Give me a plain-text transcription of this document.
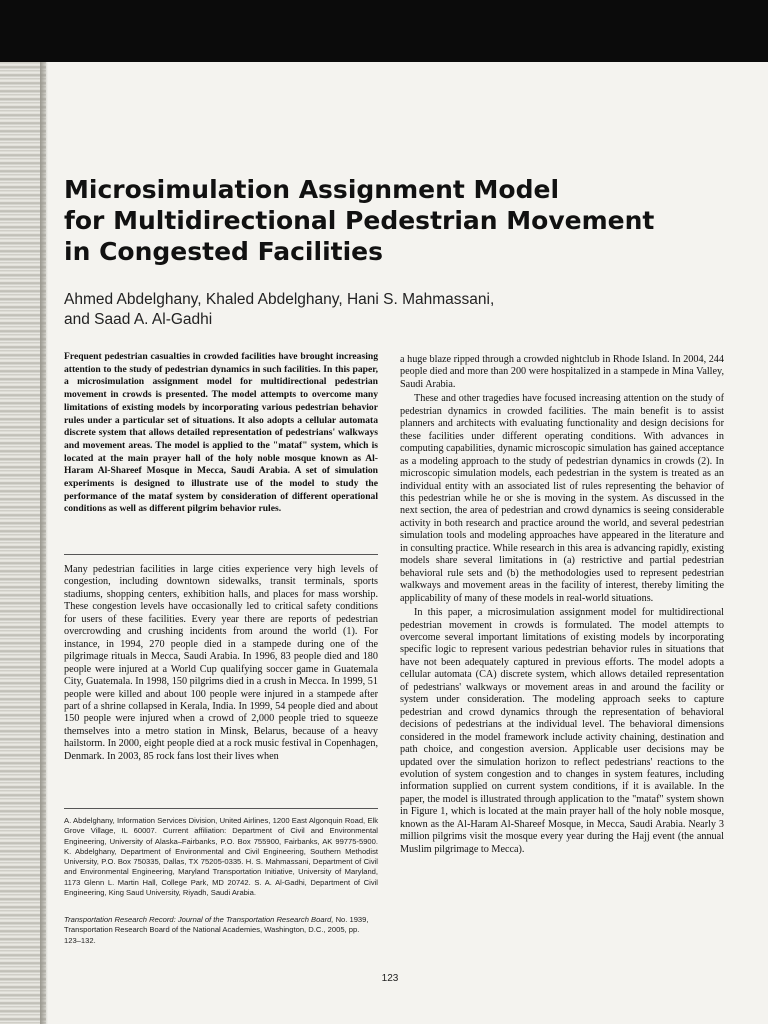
Microsimulation Assignment Model
for Multidirectional Pedestrian Movement
in Congested Facilities
Ahmed Abdelghany, Khaled Abdelghany, Hani S. Mahmassani,
and Saad A. Al-Gadhi

Frequent pedestrian casualties in crowded facilities have brought increasing attention to the study of pedestrian dynamics in such facilities. In this paper, a microsimulation assignment model for multidirectional pedestrian movement in crowds is presented. The model attempts to overcome many limitations of existing models by incorporating various pedestrian behavior rules under a particular set of situations. It also adopts a cellular automata discrete system that allows detailed representation of pedestrians' walkways and movement areas. The model is applied to the "mataf" system, which is located at the main prayer hall of the holy noble mosque known as Al-Haram Al-Shareef Mosque in Mecca, Saudi Arabia. A set of simulation experiments is designed to illustrate use of the model to study the performance of the mataf system by consideration of different operational conditions as well as different pilgrim behavior rules.

Many pedestrian facilities in large cities experience very high levels of congestion, including downtown sidewalks, transit terminals, sports stadiums, shopping centers, exhibition halls, and places for mass worship. These congestion levels have occasionally led to critical safety conditions for users of these facilities. Every year there are reports of pedestrian overcrowding and crushing incidents from around the world (1). For instance, in 1994, 270 people died in a stampede during one of the pilgrimage rituals in Mecca, Saudi Arabia. In 1996, 83 people died and 180 people were injured at a World Cup qualifying soccer game in Guatemala City, Guatemala. In 1998, 150 pilgrims died in a crush in Mecca. In 1999, 51 people were killed and about 100 people were injured in a stampede after part of a shrine collapsed in Kerala, India. In 1999, 54 people died and about 150 people were injured when a crowd of 2,000 people tried to squeeze themselves into a metro station in Minsk, Belarus, because of a heavy hailstorm. In 2000, eight people died at a rock music festival in Copenhagen, Denmark. In 2003, 85 rock fans lost their lives when

A. Abdelghany, Information Services Division, United Airlines, 1200 East Algonquin Road, Elk Grove Village, IL 60007. Current affiliation: Department of Civil and Environmental Engineering, University of Alaska–Fairbanks, P.O. Box 755900, Fairbanks, AK 99775-5900. K. Abdelghany, Department of Environmental and Civil Engineering, Southern Methodist University, P.O. Box 750335, Dallas, TX 75205-0335. H. S. Mahmassani, Department of Civil and Environmental Engineering, Maryland Transportation Initiative, University of Maryland, 1173 Glenn L. Martin Hall, College Park, MD 20742. S. A. Al-Gadhi, Department of Civil Engineering, King Saud University, Riyadh, Saudi Arabia.

Transportation Research Record: Journal of the Transportation Research Board, No. 1939, Transportation Research Board of the National Academies, Washington, D.C., 2005, pp. 123–132.

a huge blaze ripped through a crowded nightclub in Rhode Island. In 2004, 244 people died and more than 200 were hospitalized in a stampede in Mina Valley, Saudi Arabia.

These and other tragedies have focused increasing attention on the study of pedestrian dynamics in crowded facilities. The main benefit is to assist planners and architects with evaluating functionality and design decisions for these facilities under different operating conditions. With advances in computing capabilities, dynamic microscopic simulation has gained acceptance as a modeling approach to the study of pedestrian dynamics in crowds (2). In microscopic simulation models, each pedestrian in the system is treated as an individual entity with an associated list of rules representing the behavior of this pedestrian while he or she is moving in the system. As discussed in the next section, the area of pedestrian and crowd dynamics is seeing considerable activity in both research and practice around the world, and several pedestrian simulation tools and modeling approaches have appeared in the literature and in consulting practice. While research in this area is advancing rapidly, existing models share several limitations in (a) restrictive and partial pedestrian behavioral rule sets and (b) the methodologies used to represent pedestrian walkways and movement areas in the facility of interest, thereby limiting the applicability of many of these models in real-world situations.

In this paper, a microsimulation assignment model for multidirectional pedestrian movement in crowds is formulated. The model attempts to overcome several important limitations of existing models by incorporating specific logic to represent various pedestrian behavior rules in situations that have not been adequately captured in previous efforts. The model adopts a cellular automata (CA) discrete system, which allows detailed representation of pedestrians' walkways or movement areas in and around the facility or system under consideration. The modeling approach seeks to capture pedestrian and crowd dynamics through the representation of behavioral decisions of pedestrians at the individual level. The behavioral dimensions considered in the model framework include activity chaining, destination and path choice, and congestion aversion. Applicable user decisions may be updated over the simulation horizon to reflect pedestrians' reactions to the evolution of system congestion and to changes in system features, including information supplied on current system conditions, if it is available. In the paper, the model is illustrated through application to the "mataf" system shown in Figure 1, which is located at the main prayer hall of the holy noble mosque, known as the Al-Haram Al-Shareef Mosque, in Mecca, Saudi Arabia. Nearly 3 million pilgrims visit the mosque every year during the Hajj event (the annual Muslim pilgrimage to Mecca).

123
